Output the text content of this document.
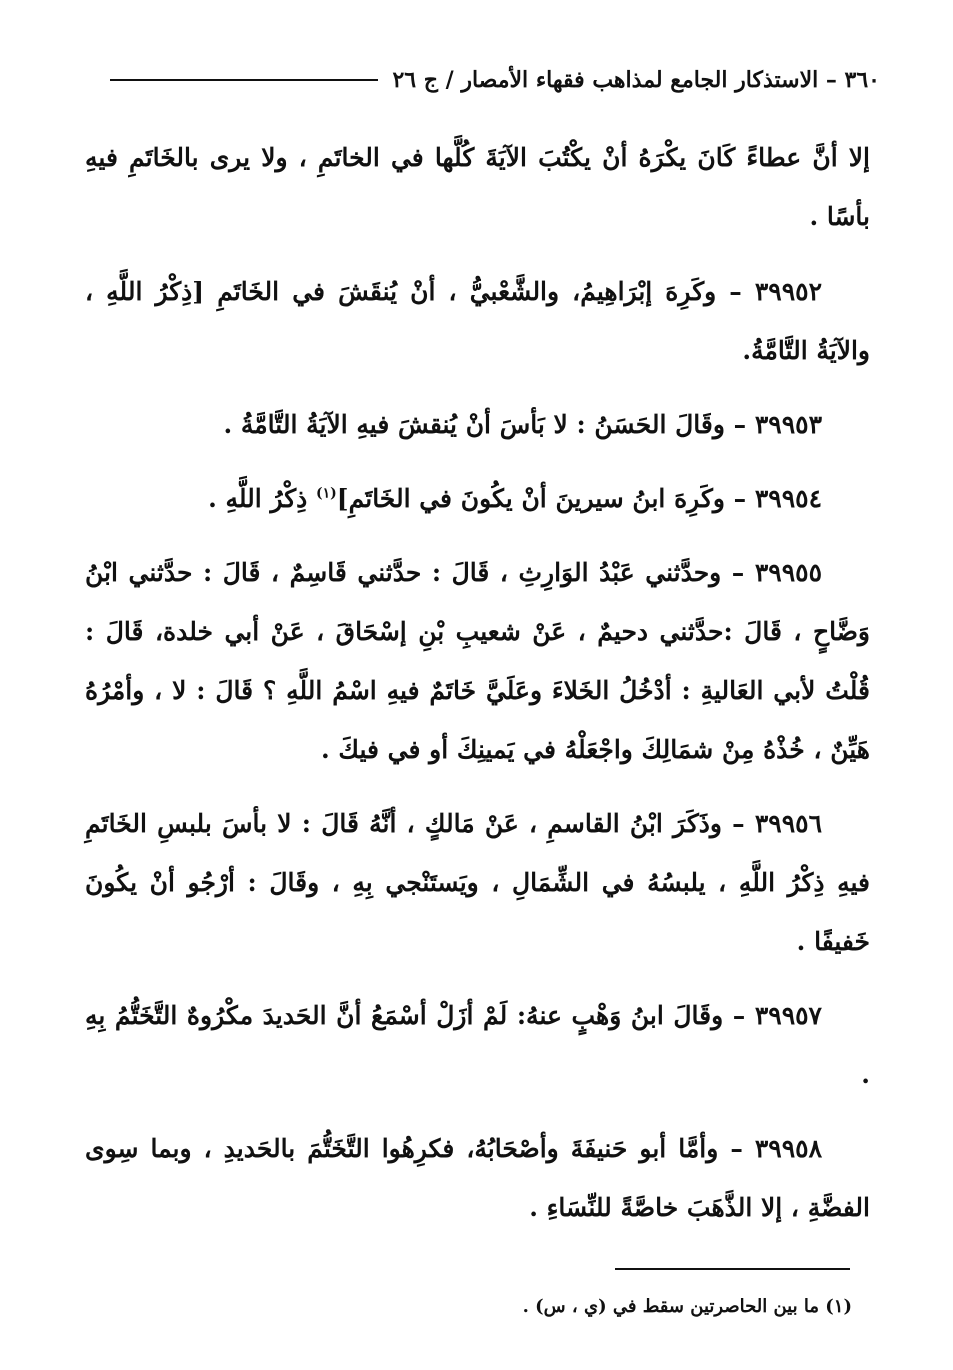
٣٦٠ – الاستذكار الجامع لمذاهب فقهاء الأمصار / ج ٢٦

إلا أنَّ عطاءً كَانَ يكْرَهُ أنْ يكْتُبَ الآيَةَ كُلَّها في الخاتَمِ ، ولا يرى بالخَاتَمِ فيهِ بأسًا .

٣٩٩٥٢ – وكَرِهَ إبْرَاهِيمُ، والشَّعْبيُّ ، أنْ يُنقَشَ في الخَاتَمِ [ذِكْرُ اللَّهِ ، والآيَةُ التَّامَّةُ.

٣٩٩٥٣ – وقَالَ الحَسَنُ : لا بَأسَ أنْ يُنقشَ فيهِ الآيَةُ التَّامَّةُ .

٣٩٩٥٤ – وكَرِهَ ابنُ سيرينَ أنْ يكُونَ في الخَاتَمِ]$^{(١)}$ ذِكْرُ اللَّهِ .

٣٩٩٥٥ – وحدَّثني عَبْدُ الوَارِثِ ، قَالَ : حدَّثني قَاسِمٌ ، قَالَ : حدَّثني ابْنُ وَضَّاحٍ ، قَالَ :حدَّثني دحيمٌ ، عَنْ شعيبِ بْنِ إسْحَاقَ ، عَنْ أبي خلدة، قَالَ : قُلْتُ لأبي العَاليةِ : أدْخُلُ الخَلاءَ وعَلَيَّ خَاتَمٌ فيهِ اسْمُ اللَّهِ ؟ قَالَ : لا ، وأمْرُهُ هَيِّنٌ ، خُذْهُ مِنْ شمَالِكَ واجْعَلْهُ في يَمينِكَ أو في فيكَ .

٣٩٩٥٦ – وذَكَرَ ابْنُ القاسمِ ، عَنْ مَالكٍ ، أنَّهُ قَالَ : لا بأسَ بلبسِ الخَاتَمِ فيهِ ذِكْرُ اللَّهِ ، يلبسُهُ في الشِّمَالِ ، ويَستَنْجي بِهِ ، وقَالَ : أرْجُو أنْ يكُونَ خَفيفًا .

٣٩٩٥٧ – وقَالَ ابنُ وَهْبٍ عنهُ: لَمْ أزَلْ أسْمَعُ أنَّ الحَديدَ مكْرُوهٌ التَّخَتُّمُ بِهِ .

٣٩٩٥٨ – وأمَّا أبو حَنيفَةَ وأصْحَابُهُ، فكرِهُوا التَّخَتُّمَ بالحَديدِ ، وبما سِوى الفضَّةِ ، إلا الذَّهَبَ خاصَّةً للنِّسَاءِ .

(١) ما بين الحاصرتين سقط في (ي ، س) .
